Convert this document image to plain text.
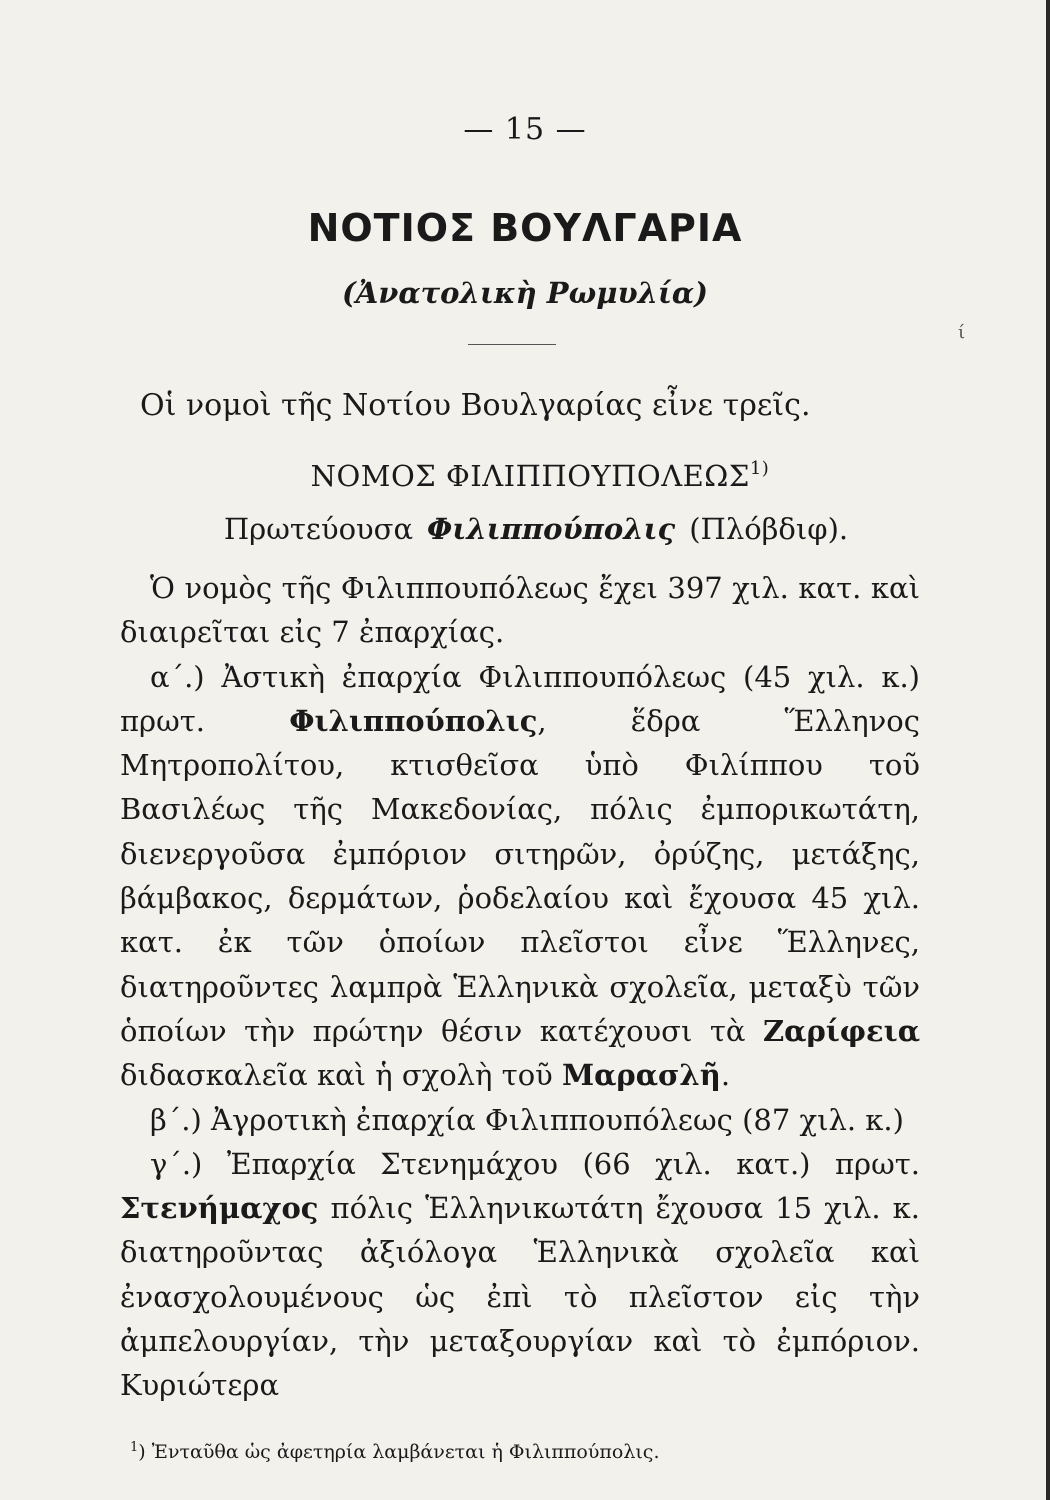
— 15 —
ΝΟΤΙΟΣ ΒΟΥΛΓΑΡΙΑ
(Ἀνατολικὴ Ρωμυλία)
ί
Οἱ νομοὶ τῆς Νοτίου Βουλγαρίας εἶνε τρεῖς.
ΝΟΜΟΣ ΦΙΛΙΠΠΟΥΠΟΛΕΩΣ$^{1)}$
Πρωτεύουσα Φιλιππούπολις (Πλόβδιφ).

Ὁ νομὸς τῆς Φιλιππουπόλεως ἔχει 397 χιλ. κατ. καὶ διαιρεῖται εἰς 7 ἐπαρχίας.

α΄.) Ἀστικὴ ἐπαρχία Φιλιππουπόλεως (45 χιλ. κ.) πρωτ.	Φιλιππούπολις, ἕδρα Ἕλληνος Μητροπολίτου, κτισθεῖσα ὑπὸ Φιλίππου τοῦ Βασιλέως τῆς Μακεδονίας, πόλις ἐμπορικωτάτη, διενεργοῦσα ἐμπόριον σιτηρῶν, ὀρύζης, μετάξης, βάμβακος, δερμάτων, ῥοδελαίου καὶ ἔχουσα 45 χιλ. κατ. ἐκ τῶν ὁποίων πλεῖστοι εἶνε Ἕλληνες, διατηροῦντες λαμπρὰ Ἑλληνικὰ σχολεῖα, μεταξὺ τῶν ὁποίων τὴν πρώτην θέσιν κατέχουσι τὰ Ζαρίφεια διδασκαλεῖα καὶ ἡ σχολὴ τοῦ Μαρασλῆ.

β΄.) Ἀγροτικὴ ἐπαρχία Φιλιππουπόλεως (87 χιλ. κ.)

γ΄.) Ἐπαρχία Στενημάχου (66 χιλ. κατ.) πρωτ. Στενήμαχος πόλις Ἑλληνικωτάτη ἔχουσα 15 χιλ. κ. διατηροῦντας ἀξιόλογα Ἑλληνικὰ σχολεῖα καὶ ἐνασχολουμένους ὡς ἐπὶ τὸ πλεῖστον εἰς τὴν ἀμπελουργίαν, τὴν μεταξουργίαν καὶ τὸ ἐμπόριον. Κυριώτερα

$^1$) Ἐνταῦθα ὡς ἀφετηρία λαμβάνεται ἡ Φιλιππούπολις.
